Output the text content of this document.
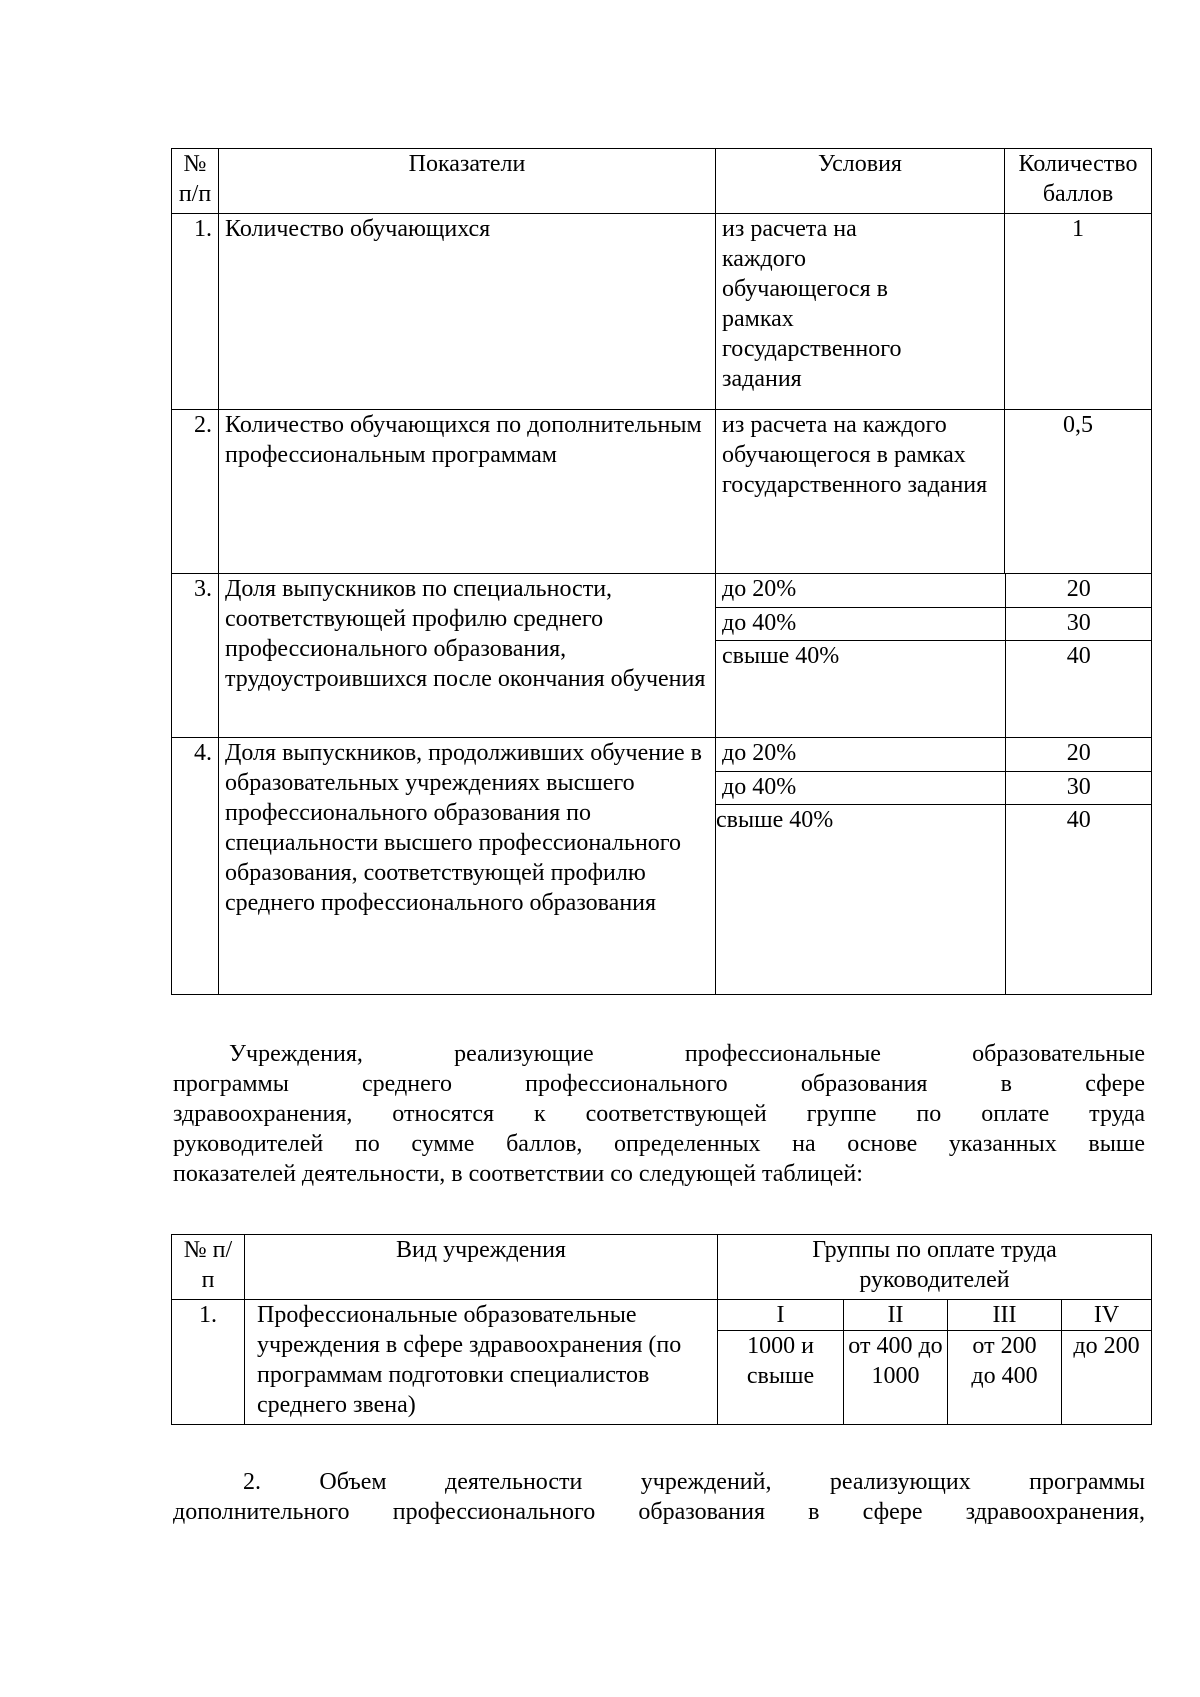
№ п/п	Показатели	Условия	Количество баллов
1.	Количество обучающихся	из расчета на каждого обучающегося в рамках государственного задания	1
2.	Количество обучающихся по дополнительным профессиональным программам	из расчета на каждого обучающегося в рамках государственного задания	0,5
3.	Доля выпускников по специальности, соответствующей профилю среднего профессионального образования, трудоустроившихся после окончания обучения	
до 20%	20
до 40%	30
свыше 40%	40

4.	Доля выпускников, продолживших обучение в образовательных учреждениях высшего профессионального образования по специальности высшего профессионального образования, соответствующей профилю среднего профессионального образования	
до 20%	20
до 40%	30
свыше 40%	40
Учреждения, реализующие профессиональные образовательные
программы среднего профессионального образования в сфере
здравоохранения, относятся к соответствующей группе по оплате труда
руководителей по сумме баллов, определенных на основе указанных выше
показателей деятельности, в соответствии со следующей таблицей:
№ п/п	Вид учреждения	Группы по оплате труда руководителей			
1.	Профессиональные образовательные учреждения в сфере здравоохранения (по программам подготовки специалистов среднего звена)	I	II	III	IV
		1000 и свыше	от 400 до 1000	от 200 до 400	до 200
2. Объем деятельности учреждений, реализующих программы
дополнительного профессионального образования в сфере здравоохранения,
